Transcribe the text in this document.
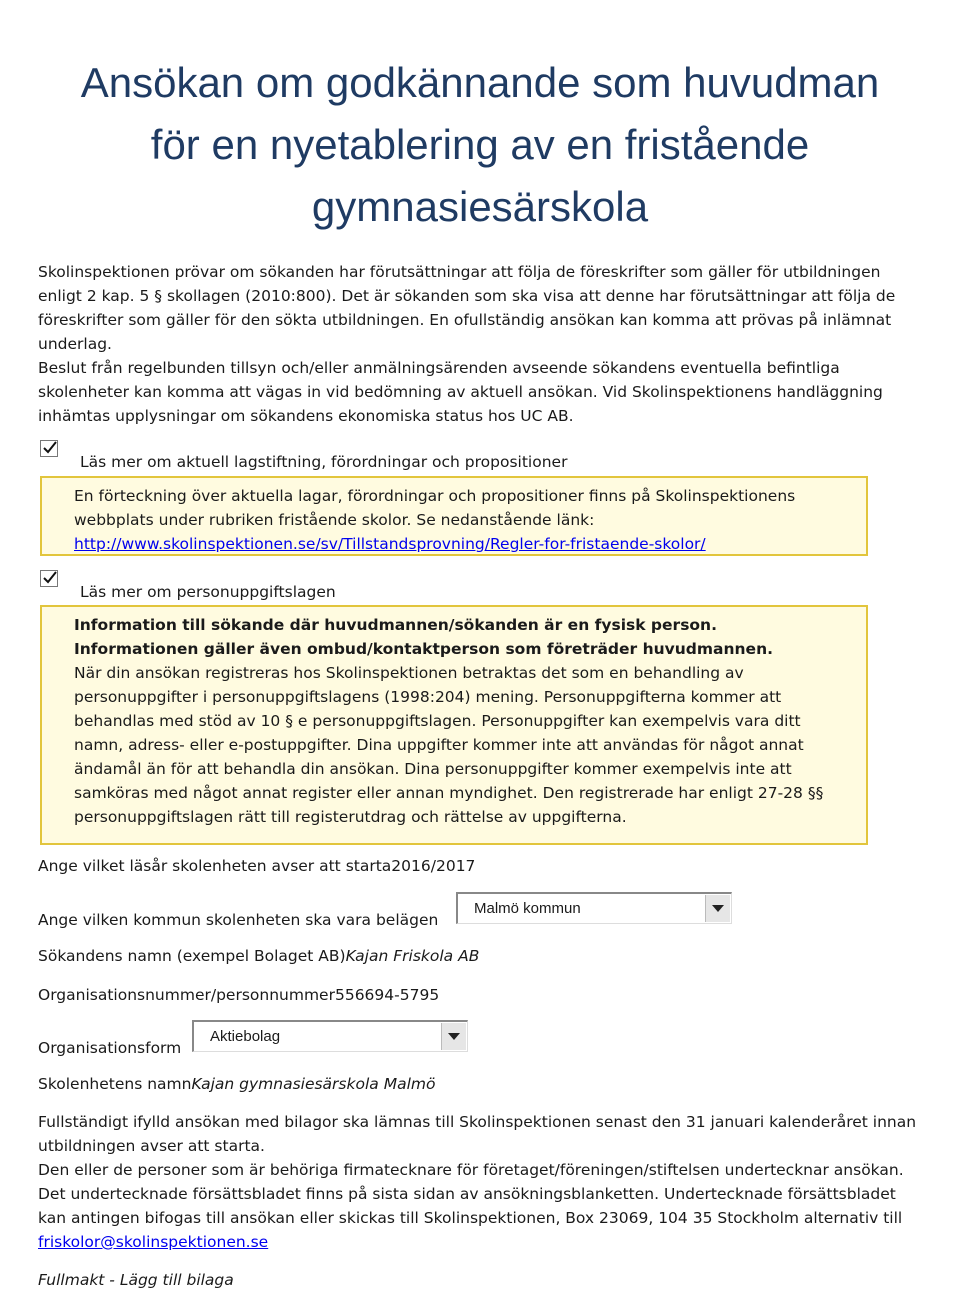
Ansökan om godkännande som huvudman
för en nyetablering av en fristående
gymnasiesärskola

Skolinspektionen prövar om sökanden har förutsättningar att följa de föreskrifter som gäller för utbildningen enligt 2 kap. 5 § skollagen (2010:800). Det är sökanden som ska visa att denne har förutsättningar att följa de föreskrifter som gäller för den sökta utbildningen. En ofullständig ansökan kan komma att prövas på inlämnat underlag.

Beslut från regelbunden tillsyn och/eller anmälningsärenden avseende sökandens eventuella befintliga skolenheter kan komma att vägas in vid bedömning av aktuell ansökan. Vid Skolinspektionens handläggning inhämtas upplysningar om sökandens ekonomiska status hos UC AB.

Läs mer om aktuell lagstiftning, förordningar och propositioner

En förteckning över aktuella lagar, förordningar och propositioner finns på Skolinspektionens webbplats under rubriken fristående skolor. Se nedanstående länk:

http://www.skolinspektionen.se/sv/Tillstandsprovning/Regler-for-fristaende-skolor/

Läs mer om personuppgiftslagen

Information till sökande där huvudmannen/sökanden är en fysisk person. Informationen gäller även ombud/kontaktperson som företräder huvudmannen.

När din ansökan registreras hos Skolinspektionen betraktas det som en behandling av personuppgifter i personuppgiftslagens (1998:204) mening. Personuppgifterna kommer att behandlas med stöd av 10 § e personuppgiftslagen. Personuppgifter kan exempelvis vara ditt namn, adress- eller e-postuppgifter. Dina uppgifter kommer inte att användas för något annat ändamål än för att behandla din ansökan. Dina personuppgifter kommer exempelvis inte att samköras med något annat register eller annan myndighet. Den registrerade har enligt 27-28 §§ personuppgiftslagen rätt till registerutdrag och rättelse av uppgifterna.

Ange vilket läsår skolenheten avser att starta2016/2017

Ange vilken kommun skolenheten ska vara belägen

Malmö kommun

Sökandens namn (exempel Bolaget AB)Kajan Friskola AB

Organisationsnummer/personnummer556694-5795

Organisationsform

Aktiebolag

Skolenhetens namnKajan gymnasiesärskola Malmö

Fullständigt ifylld ansökan med bilagor ska lämnas till Skolinspektionen senast den 31 januari kalenderåret innan utbildningen avser att starta.

Den eller de personer som är behöriga firmatecknare för företaget/föreningen/stiftelsen undertecknar ansökan. Det undertecknade försättsbladet finns på sista sidan av ansökningsblanketten. Undertecknade försättsbladet kan antingen bifogas till ansökan eller skickas till Skolinspektionen, Box 23069, 104 35 Stockholm alternativ till friskolor@skolinspektionen.se

Fullmakt - Lägg till bilaga
